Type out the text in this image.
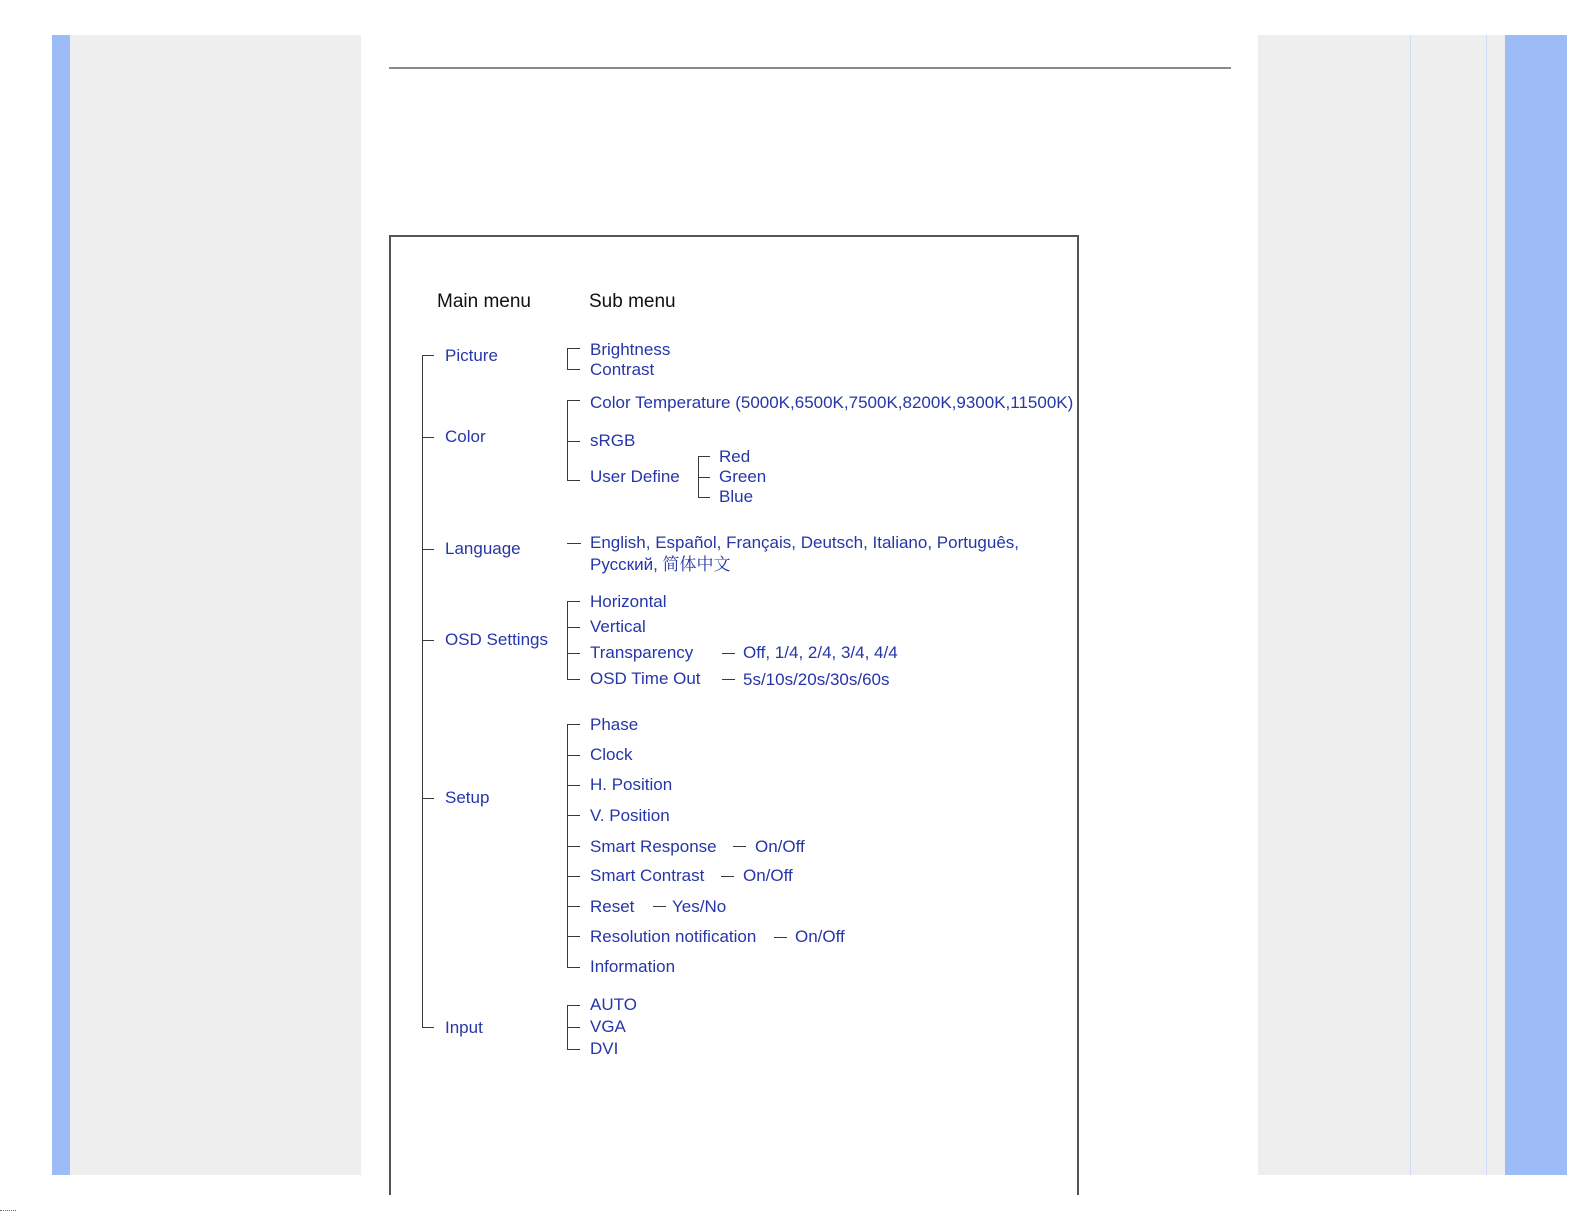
Main menu	Sub menu
Picture
Color
Language
OSD Settings
Setup
Input
Brightness
Contrast
Color Temperature (5000K,6500K,7500K,8200K,9300K,11500K)
sRGB
User Define
Red
Green
Blue
English, Español, Français, Deutsch, Italiano, Português,
Русский, 简体中文
Horizontal
Vertical
Transparency	Off, 1/4, 2/4, 3/4, 4/4
OSD Time Out 5s/10s/20s/30s/60s
Phase
Clock
H. Position
V. Position
Smart Response On/Off
Smart Contrast On/Off
Reset Yes/No
Resolution notification On/Off
Information
AUTO
VGA
DVI
